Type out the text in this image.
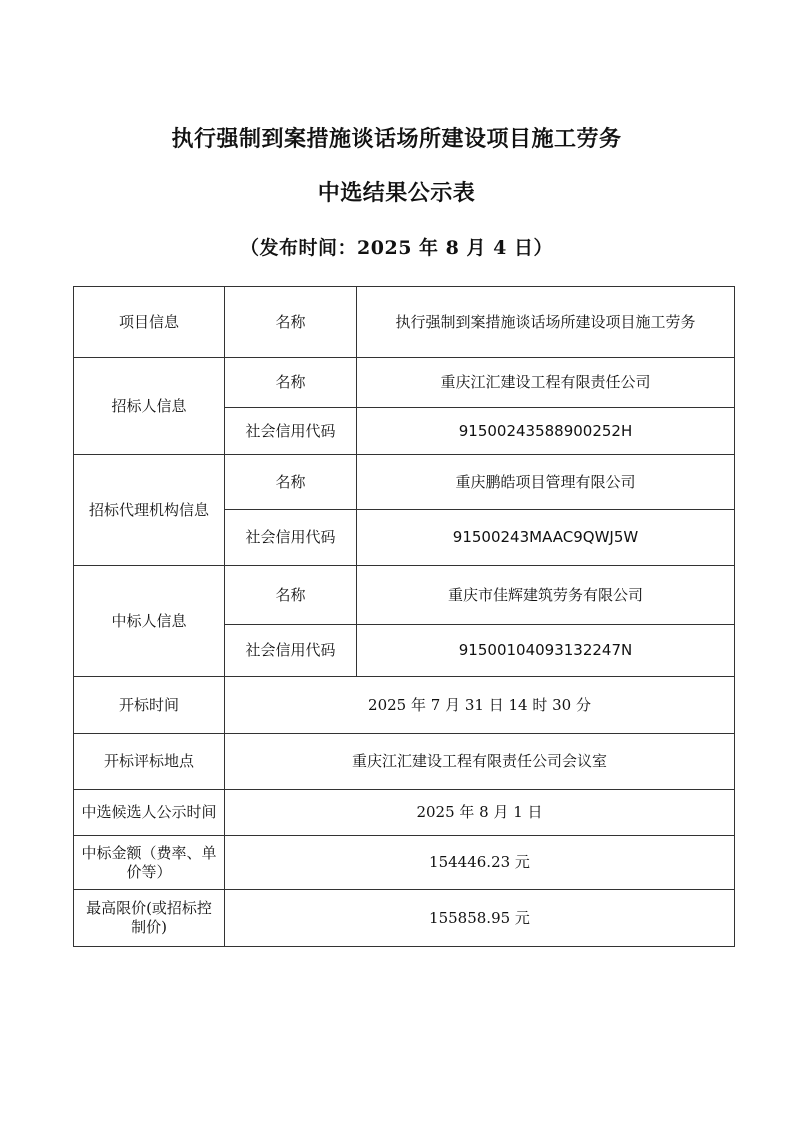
执行强制到案措施谈话场所建设项目施工劳务
中选结果公示表
（发布时间：2025 年 8 月 4 日）
项目信息	名称	执行强制到案措施谈话场所建设项目施工劳务
招标人信息	名称	重庆江汇建设工程有限责任公司
	社会信用代码	91500243588900252H
招标代理机构信息	名称	重庆鹏皓项目管理有限公司
	社会信用代码	91500243MAAC9QWJ5W
中标人信息	名称	重庆市佳辉建筑劳务有限公司
	社会信用代码	91500104093132247N
开标时间	2025 年 7 月 31 日 14 时 30 分	
开标评标地点	重庆江汇建设工程有限责任公司会议室	
中选候选人公示时间	2025 年 8 月 1 日	
中标金额（费率、单价等）	154446.23 元	
最高限价(或招标控制价)	155858.95 元	
